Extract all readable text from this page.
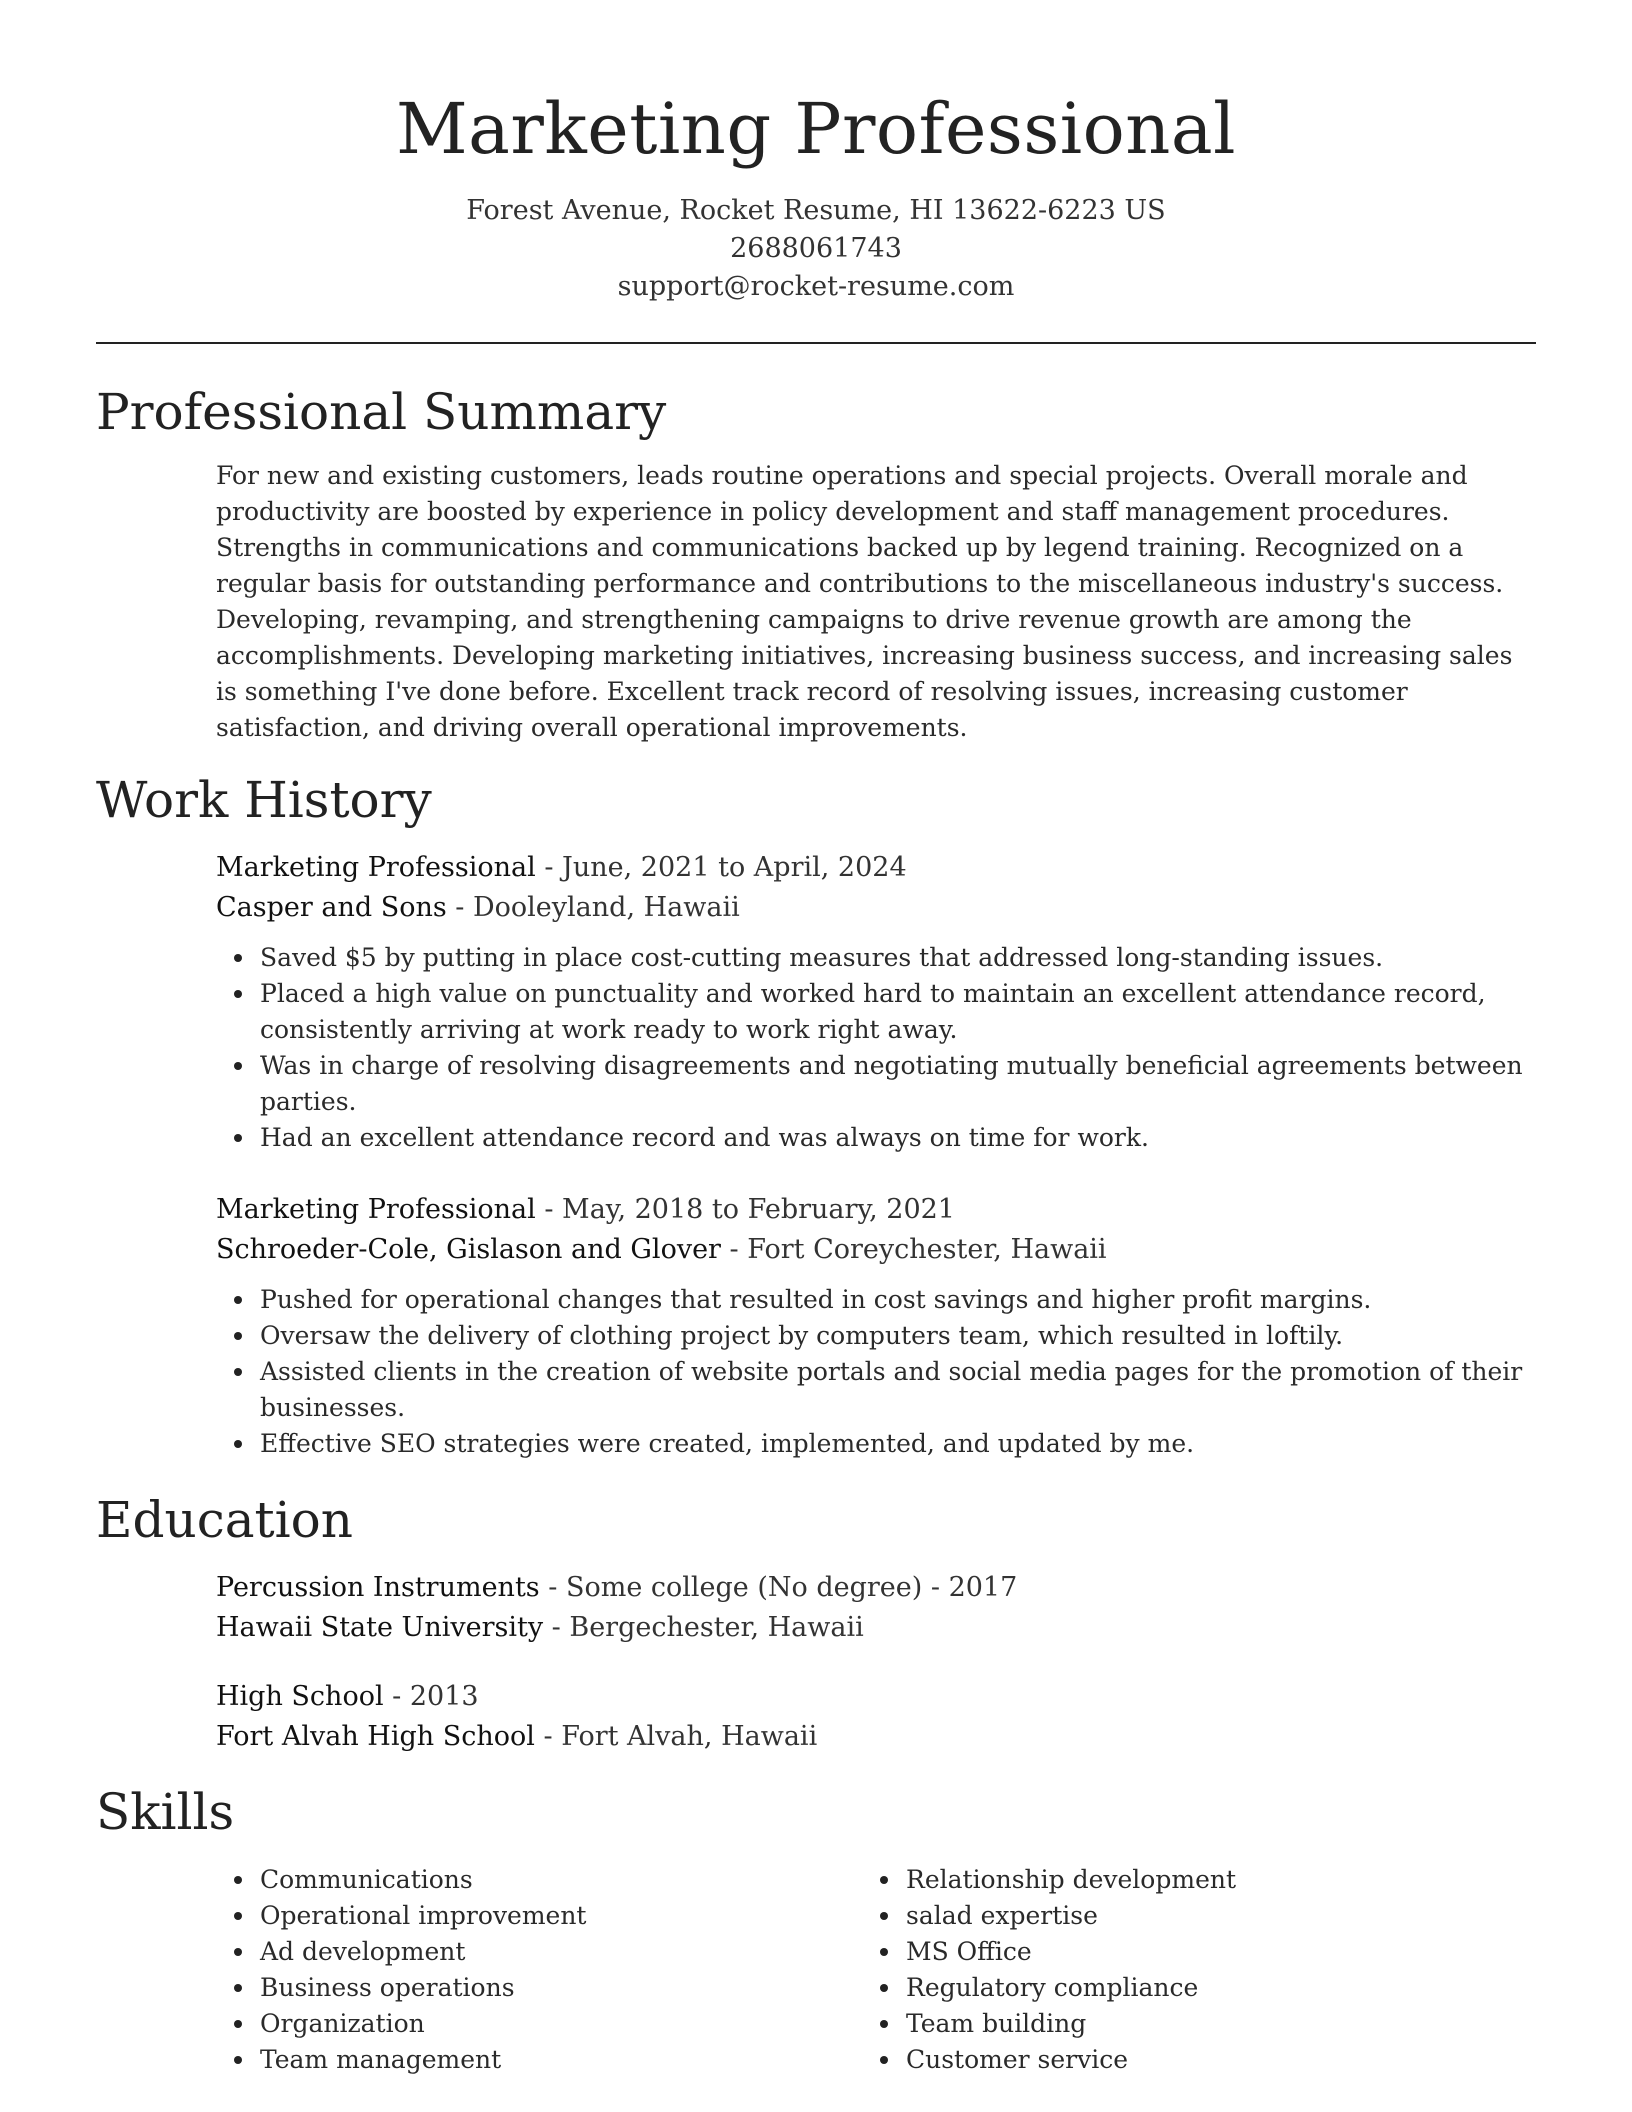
Marketing Professional
Forest Avenue, Rocket Resume, HI 13622-6223 US
2688061743
support@rocket-resume.com
Professional Summary

For new and existing customers, leads routine operations and special projects. Overall morale and productivity are boosted by experience in policy development and staff management procedures. Strengths in communications and communications backed up by legend training. Recognized on a regular basis for outstanding performance and contributions to the miscellaneous industry's success. Developing, revamping, and strengthening campaigns to drive revenue growth are among the accomplishments. Developing marketing initiatives, increasing business success, and increasing sales is something I've done before. Excellent track record of resolving issues, increasing customer satisfaction, and driving overall operational improvements.

Work History
Marketing Professional - June, 2021 to April, 2024
Casper and Sons - Dooleyland, Hawaii
Saved $5 by putting in place cost-cutting measures that addressed long-standing issues.
Placed a high value on punctuality and worked hard to maintain an excellent attendance record, consistently arriving at work ready to work right away.
Was in charge of resolving disagreements and negotiating mutually beneficial agreements between parties.
Had an excellent attendance record and was always on time for work.
Marketing Professional - May, 2018 to February, 2021
Schroeder-Cole, Gislason and Glover - Fort Coreychester, Hawaii
Pushed for operational changes that resulted in cost savings and higher profit margins.
Oversaw the delivery of clothing project by computers team, which resulted in loftily.
Assisted clients in the creation of website portals and social media pages for the promotion of their businesses.
Effective SEO strategies were created, implemented, and updated by me.
Education
Percussion Instruments - Some college (No degree) - 2017
Hawaii State University - Bergechester, Hawaii
High School - 2013
Fort Alvah High School - Fort Alvah, Hawaii
Skills
Communications
Operational improvement
Ad development
Business operations
Organization
Team management
Relationship development
salad expertise
MS Office
Regulatory compliance
Team building
Customer service
